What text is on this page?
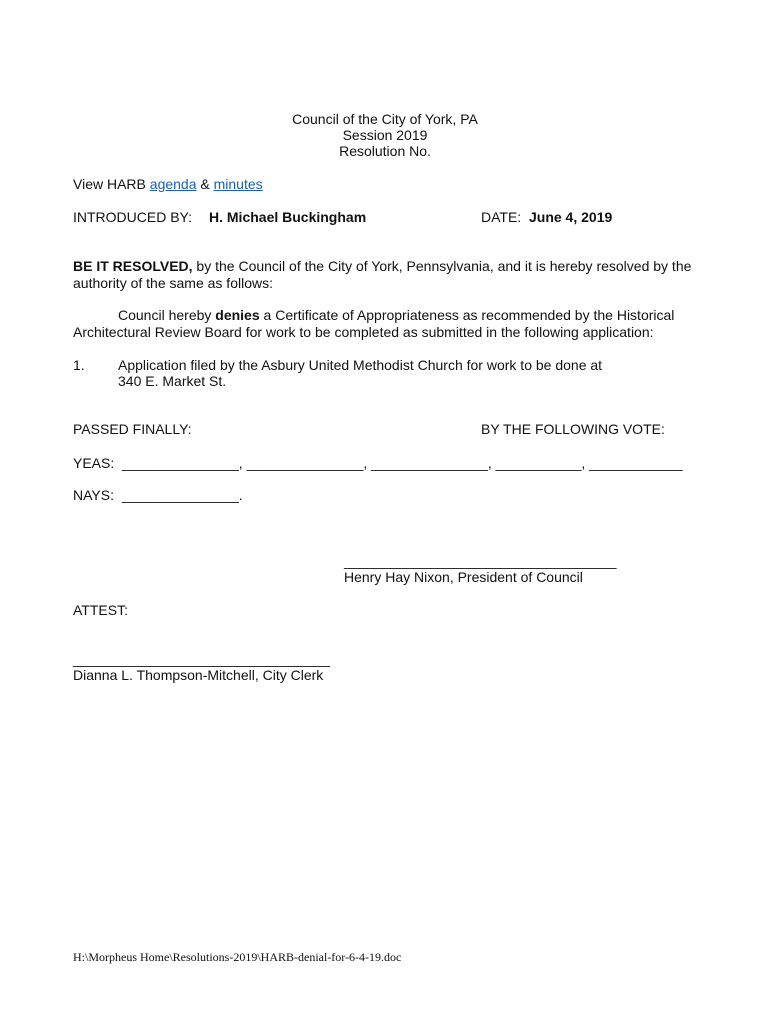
Council of the City of York, PA
Session 2019
Resolution No.
View HARB agenda & minutes
INTRODUCED BY: H. Michael Buckingham	DATE: June 4, 2019
BE IT RESOLVED, by the Council of the City of York, Pennsylvania, and it is hereby resolved by the authority of the same as follows:
Council hereby denies a Certificate of Appropriateness as recommended by the Historical Architectural Review Board for work to be completed as submitted in the following application:
1. Application filed by the Asbury United Methodist Church for work to be done at
340 E. Market St.
PASSED FINALLY:	BY THE FOLLOWING VOTE:
YEAS: _______________, _______________, _______________, ___________, ____________
NAYS: _______________.
___________________________________
Henry Hay Nixon, President of Council
ATTEST:
_________________________________
Dianna L. Thompson-Mitchell, City Clerk
H:\Morpheus Home\Resolutions-2019\HARB-denial-for-6-4-19.doc
